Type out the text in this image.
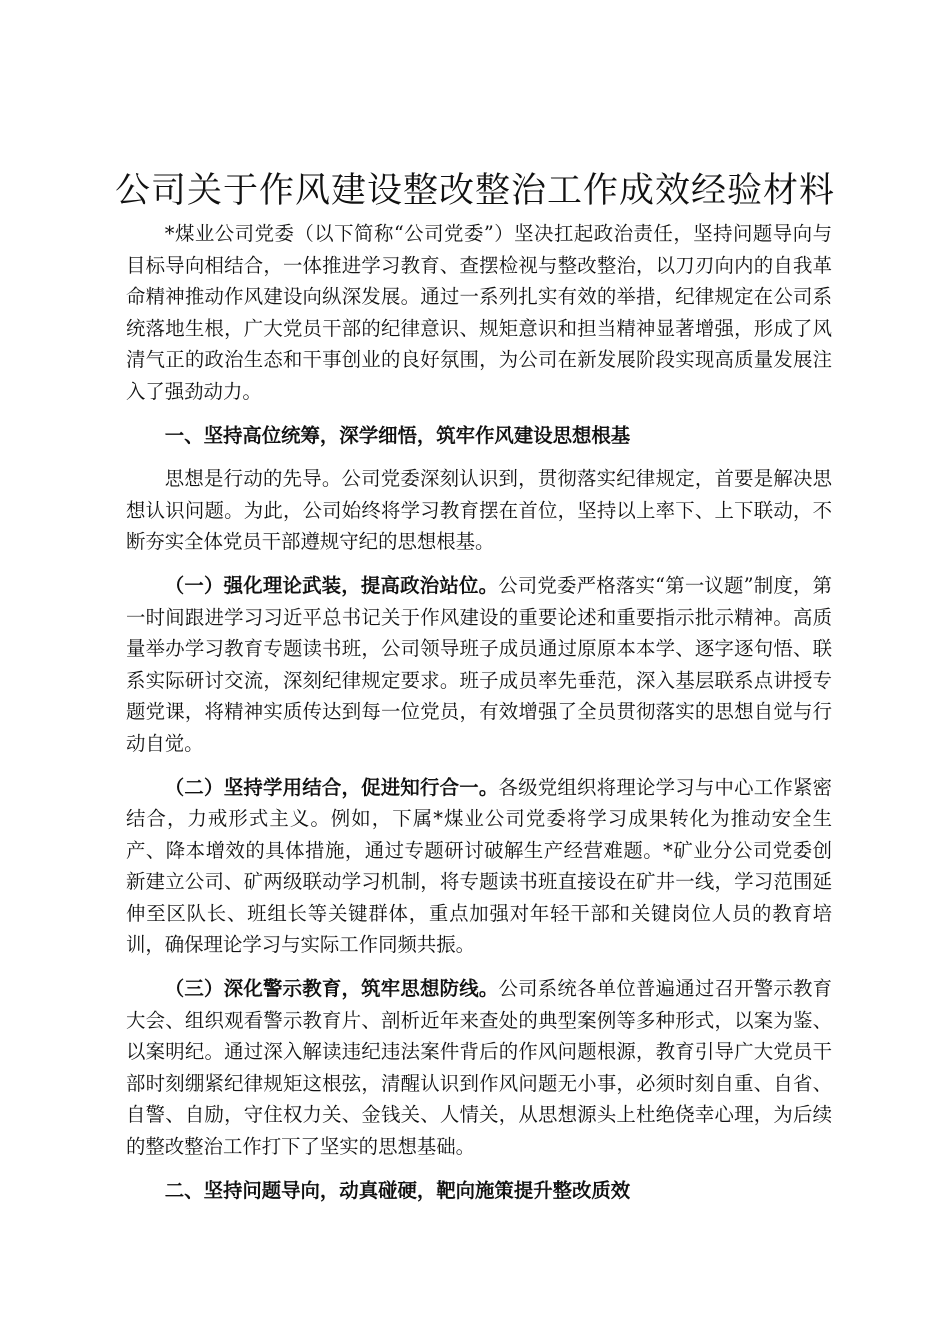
公司关于作风建设整改整治工作成效经验材料

*煤业公司党委（以下简称“公司党委”）坚决扛起政治责任，坚持问题导向与目标导向相结合，一体推进学习教育、查摆检视与整改整治，以刀刃向内的自我革命精神推动作风建设向纵深发展。通过一系列扎实有效的举措，纪律规定在公司系统落地生根，广大党员干部的纪律意识、规矩意识和担当精神显著增强，形成了风清气正的政治生态和干事创业的良好氛围，为公司在新发展阶段实现高质量发展注入了强劲动力。

一、坚持高位统筹，深学细悟，筑牢作风建设思想根基

思想是行动的先导。公司党委深刻认识到，贯彻落实纪律规定，首要是解决思想认识问题。为此，公司始终将学习教育摆在首位，坚持以上率下、上下联动，不断夯实全体党员干部遵规守纪的思想根基。

（一）强化理论武装，提高政治站位。公司党委严格落实“第一议题”制度，第一时间跟进学习习近平总书记关于作风建设的重要论述和重要指示批示精神。高质量举办学习教育专题读书班，公司领导班子成员通过原原本本学、逐字逐句悟、联系实际研讨交流，深刻纪律规定要求。班子成员率先垂范，深入基层联系点讲授专题党课，将精神实质传达到每一位党员，有效增强了全员贯彻落实的思想自觉与行动自觉。

（二）坚持学用结合，促进知行合一。各级党组织将理论学习与中心工作紧密结合，力戒形式主义。例如，下属*煤业公司党委将学习成果转化为推动安全生产、降本增效的具体措施，通过专题研讨破解生产经营难题。*矿业分公司党委创新建立公司、矿两级联动学习机制，将专题读书班直接设在矿井一线，学习范围延伸至区队长、班组长等关键群体，重点加强对年轻干部和关键岗位人员的教育培训，确保理论学习与实际工作同频共振。

（三）深化警示教育，筑牢思想防线。公司系统各单位普遍通过召开警示教育大会、组织观看警示教育片、剖析近年来查处的典型案例等多种形式，以案为鉴、以案明纪。通过深入解读违纪违法案件背后的作风问题根源，教育引导广大党员干部时刻绷紧纪律规矩这根弦，清醒认识到作风问题无小事，必须时刻自重、自省、自警、自励，守住权力关、金钱关、人情关，从思想源头上杜绝侥幸心理，为后续的整改整治工作打下了坚实的思想基础。

二、坚持问题导向，动真碰硬，靶向施策提升整改质效
